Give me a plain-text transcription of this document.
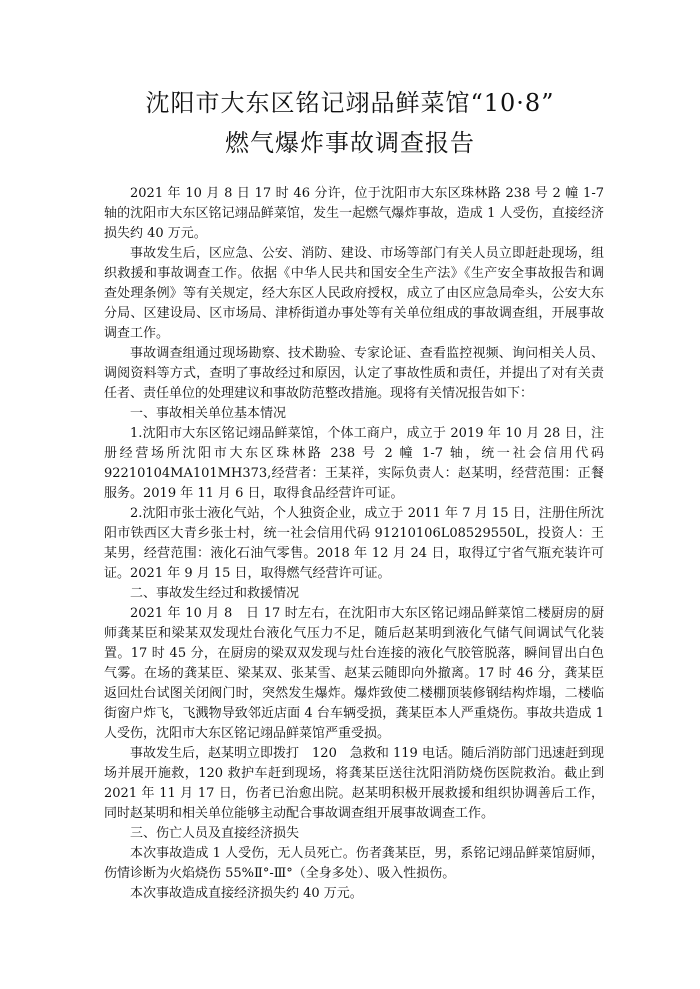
沈阳市大东区铭记翊品鲜菜馆“10·8”
燃气爆炸事故调查报告

2021 年 10 月 8 日 17 时 46 分许，位于沈阳市大东区珠林路 238 号 2 幢 1-7 轴的沈阳市大东区铭记翊品鲜菜馆，发生一起燃气爆炸事故，造成 1 人受伤，直接经济损失约 40 万元。

事故发生后，区应急、公安、消防、建设、市场等部门有关人员立即赶赴现场，组织救援和事故调查工作。依据《中华人民共和国安全生产法》《生产安全事故报告和调查处理条例》等有关规定，经大东区人民政府授权，成立了由区应急局牵头，公安大东分局、区建设局、区市场局、津桥街道办事处等有关单位组成的事故调查组，开展事故调查工作。

事故调查组通过现场勘察、技术勘验、专家论证、查看监控视频、询问相关人员、调阅资料等方式，查明了事故经过和原因，认定了事故性质和责任，并提出了对有关责任者、责任单位的处理建议和事故防范整改措施。现将有关情况报告如下：

一、事故相关单位基本情况

1.沈阳市大东区铭记翊品鲜菜馆，个体工商户，成立于 2019 年 10 月 28 日，注册经营场所沈阳市大东区珠林路 238 号 2 幢 1-7 轴，统一社会信用代码 92210104MA101MH373,经营者：王某祥，实际负责人：赵某明，经营范围：正餐服务。2019 年 11 月 6 日，取得食品经营许可证。

2.沈阳市张士液化气站，个人独资企业，成立于 2011 年 7 月 15 日，注册住所沈阳市铁西区大青乡张士村，统一社会信用代码 91210106L08529550L，投资人：王某男，经营范围：液化石油气零售。2018 年 12 月 24 日，取得辽宁省气瓶充装许可证。2021 年 9 月 15 日，取得燃气经营许可证。

二、事故发生经过和救援情况

2021 年 10 月 8　日 17 时左右，在沈阳市大东区铭记翊品鲜菜馆二楼厨房的厨师龚某臣和梁某双发现灶台液化气压力不足，随后赵某明到液化气储气间调试气化装置。17 时 45 分，在厨房的梁双双发现与灶台连接的液化气胶管脱落，瞬间冒出白色气雾。在场的龚某臣、梁某双、张某雪、赵某云随即向外撤离。17 时 46 分，龚某臣返回灶台试图关闭阀门时，突然发生爆炸。爆炸致使二楼棚顶装修钢结构炸塌，二楼临街窗户炸飞，飞溅物导致邻近店面 4 台车辆受损，龚某臣本人严重烧伤。事故共造成 1 人受伤，沈阳市大东区铭记翊品鲜菜馆严重受损。

事故发生后，赵某明立即拨打　120　急救和 119 电话。随后消防部门迅速赶到现场并展开施救，120 救护车赶到现场，将龚某臣送往沈阳消防烧伤医院救治。截止到 2021 年 11 月 17 日，伤者已治愈出院。赵某明积极开展救援和组织协调善后工作，同时赵某明和相关单位能够主动配合事故调查组开展事故调查工作。

三、伤亡人员及直接经济损失

本次事故造成 1 人受伤，无人员死亡。伤者龚某臣，男，系铭记翊品鲜菜馆厨师，伤情诊断为火焰烧伤 55%Ⅱ°-Ⅲ°（全身多处）、吸入性损伤。

本次事故造成直接经济损失约 40 万元。
